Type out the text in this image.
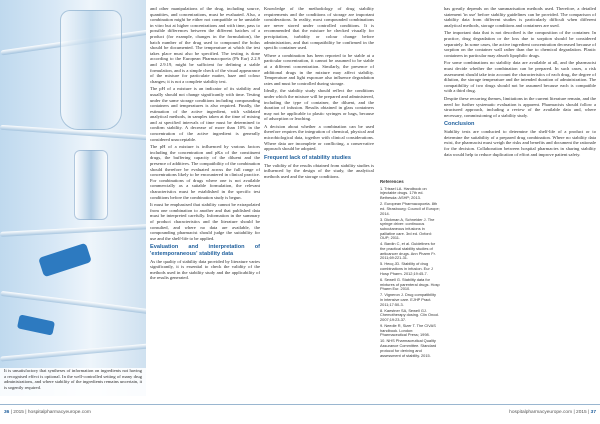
It is unsatisfactory that syntheses of information on ingredients not having a recognised effect is optional. In the well-controlled setting of many drug administrations, and where stability of the ingredients remains uncertain, it is urgently required.

and other manipulations of the drug, including source, quantities, and concentrations, must be evaluated. Also, a combination might be either not compatible or be unstable in vitro but at higher concentrations and with time, pass to possible differences between the different batches of a product (for example, changes in the formulation), the batch number of the drug used to compound the bolus should be documented. The temperature at which the test takes place must also be specified. The testing is done according to the European Pharmacopoeia (Ph Eur) 2.2.9 and 2.9.19, might be sufficient for defining a stable formulation, and is a simple check of the visual appearance of the mixture for particulate matter, haze and colour changes; it is not a complete stability test.

The pH of a mixture is an indicator of its stability and usually should not change significantly with time. Testing under the same storage conditions including compounding containers and temperatures is also required. Finally, the estimation of the active ingredient, with validated analytical methods, in samples taken at the time of mixing and at specified intervals of time must be determined to confirm stability. A decrease of more than 10% in the concentration of the active ingredient is generally considered unacceptable.

The pH of a mixture is influenced by various factors including the concentration and pKa of the constituent drugs, the buffering capacity of the diluent and the presence of additives. The compatibility of the combination should therefore be evaluated across the full range of concentrations likely to be encountered in clinical practice. For combinations of drugs where one is not available commercially as a suitable formulation, the relevant characteristics must be established in the specific test conditions before the combination study is begun.

It must be emphasised that stability cannot be extrapolated from one combination to another and that published data must be interpreted carefully. Information in the summary of product characteristics and the literature should be consulted, and where no data are available, the compounding pharmacist should judge the suitability for use and the shelf-life to be applied.

Evaluation and interpretation of 'extemporaneous' stability data

As the quality of stability data provided by literature varies significantly, it is essential to check the validity of the methods used in the stability study and the applicability of the results generated.

Knowledge of the methodology of drug stability requirements and the conditions of storage are important considerations. In reality, most compounded combinations are never stored under controlled conditions. It is recommended that the mixture be checked visually for precipitation, turbidity or colour change before administration, and that compatibility be confirmed in the specific container used.

Where a combination has been reported to be stable at a particular concentration, it cannot be assumed to be stable at a different concentration. Similarly, the presence of additional drugs in the mixture may affect stability. Temperature and light exposure also influence degradation rates and must be controlled during storage.

Ideally, the stability study should reflect the conditions under which the mixture will be prepared and administered, including the type of container, the diluent, and the duration of infusion. Results obtained in glass containers may not be applicable to plastic syringes or bags, because of adsorption or leaching.

A decision about whether a combination can be used therefore requires the integration of chemical, physical and microbiological data, together with clinical considerations. Where data are incomplete or conflicting, a conservative approach should be adopted.

Frequent lack of stability studies

The validity of the results obtained from stability studies is influenced by the design of the study, the analytical methods used and the storage conditions.

References
1. Trissel LA. Handbook on injectable drugs. 17th ed. Bethesda: ASHP; 2013.
2. European Pharmacopoeia. 8th ed. Strasbourg: Council of Europe; 2014.
3. Dickman A, Schneider J. The syringe driver: continuous subcutaneous infusions in palliative care. 3rd ed. Oxford: OUP; 2011.
4. Bardin C, et al. Guidelines for the practical stability studies of anticancer drugs. Ann Pharm Fr. 2011;69:221-31.
5. Hecq JD. Stability of drug combinations in infusion. Eur J Hosp Pharm. 2012;19:45-7.
6. Sewell G. Stability data for mixtures of parenteral drugs. Hosp Pharm Eur. 2010.
7. Vigneron J. Drug compatibility in intensive care. EJHP Pract. 2011;17:50-3.
8. Kaestner SA, Sewell GJ. Chemotherapy dosing. Clin Oncol. 2007;19:23-37.
9. Needle R, Sizer T. The CIVAS handbook. London: Pharmaceutical Press; 1998.
10. NHS Pharmaceutical Quality Assurance Committee. Standard protocol for deriving and assessment of stability. 2015.

has greatly depends on the summarisation methods used. Therefore, a detailed statement 'in use' before stability guidelines can be provided. The comparison of stability data from different studies is particularly difficult when different analytical methods, storage conditions and containers are used.

The important data that is not described is the composition of the container. In practice, drug degradation or the loss due to sorption should be considered separately. In some cases, the active ingredient concentration decreased because of sorption on the container wall rather than due to chemical degradation. Plastic containers in particular may absorb lipophilic drugs.

For some combinations no stability data are available at all, and the pharmacist must decide whether the combination can be prepared. In such cases, a risk assessment should take into account the characteristics of each drug, the degree of dilution, the storage temperature and the intended duration of administration. The compatibility of two drugs should not be assumed because each is compatible with a third drug.

Despite these recurring themes, limitations in the current literature remain, and the need for further systematic evaluation is apparent. Pharmacists should follow a structured approach, including a review of the available data and, where necessary, commissioning of a stability study.

Conclusion

Stability tests are conducted to determine the shelf-life of a product or to determine the suitability of a prepared drug combination. Where no stability data exist, the pharmacist must weigh the risks and benefits and document the rationale for the decision. Collaboration between hospital pharmacies in sharing stability data would help to reduce duplication of effort and improve patient safety.

36 | 2015 | hospitalpharmacyeurope.com	hospitalpharmacyeurope.com | 2015 | 37
